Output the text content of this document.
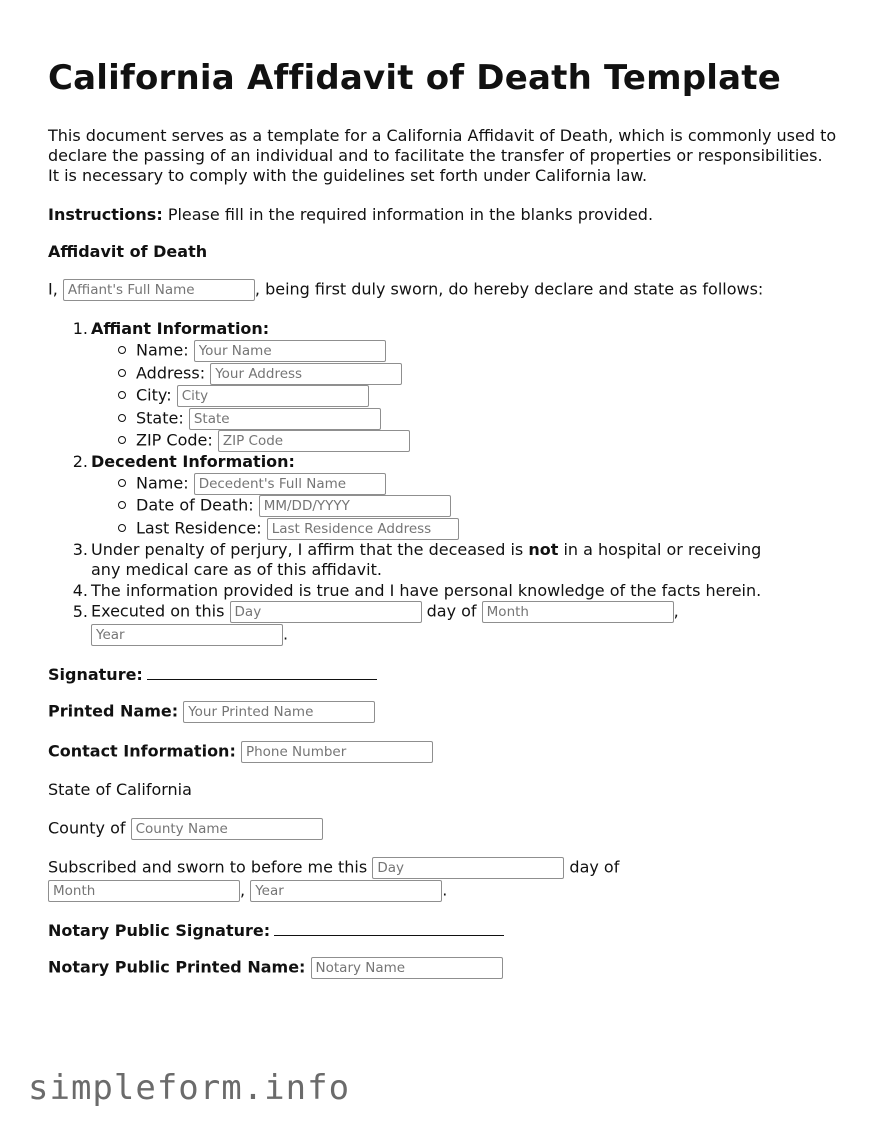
California Affidavit of Death Template

This document serves as a template for a California Affidavit of Death, which is commonly used to declare the passing of an individual and to facilitate the transfer of properties or responsibilities. It is necessary to comply with the guidelines set forth under California law.

Instructions: Please fill in the required information in the blanks provided.
Affidavit of Death
I, Affiant's Full Name	, being first duly sworn, do hereby declare and state as follows:
1. Affiant Information:
Name: Your Name
Address: Your Address
City: City
State: State
ZIP Code: ZIP Code
2. Decedent Information:
Name: Decedent's Full Name
Date of Death: MM/DD/YYYY
Last Residence: Last Residence Address
3. Under penalty of perjury, I affirm that the deceased is not in a hospital or receiving
any medical care as of this affidavit.
4. The information provided is true and I have personal knowledge of the facts herein.
5. Executed on this Day	day of Month	,
Year.
Signature:
Printed Name: Your Printed Name
Contact Information: Phone Number
State of California
County of County Name
Subscribed and sworn to before me this Day	day of
Month, Year	.
Notary Public Signature:
Notary Public Printed Name: Notary Name
simpleform.info
